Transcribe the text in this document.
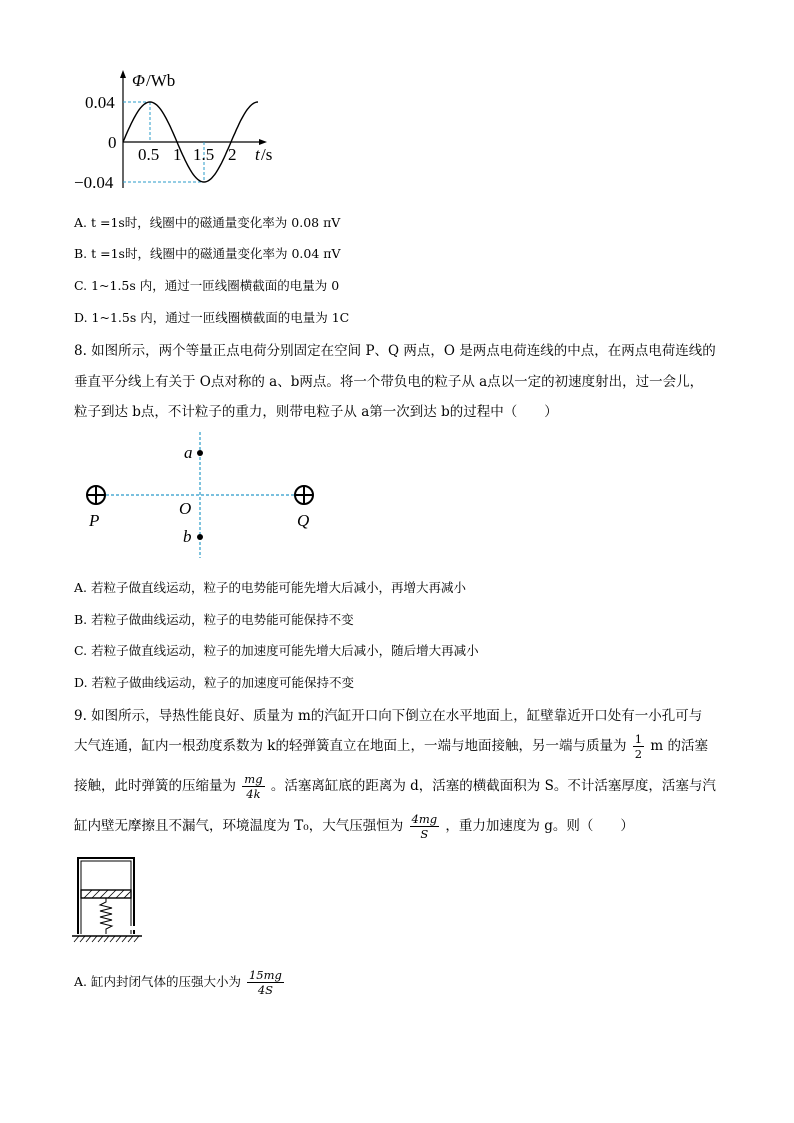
Φ /Wb
0.04
0
−0.04
0.5 1 1.5 2 t /s
A. t =1s时，线圈中的磁通量变化率为 0.08 πV
B. t =1s时，线圈中的磁通量变化率为 0.04 πV
C. 1~1.5s 内，通过一匝线圈横截面的电量为 0
D. 1~1.5s 内，通过一匝线圈横截面的电量为 1C
8. 如图所示，两个等量正点电荷分别固定在空间 P、Q 两点，O 是两点电荷连线的中点，在两点电荷连线的
垂直平分线上有关于 O点对称的 a、b两点。将一个带负电的粒子从 a点以一定的初速度射出，过一会儿，
粒子到达 b点，不计粒子的重力，则带电粒子从 a第一次到达 b的过程中（　　）
a
b
O
P	Q
A. 若粒子做直线运动，粒子的电势能可能先增大后减小，再增大再减小
B. 若粒子做曲线运动，粒子的电势能可能保持不变
C. 若粒子做直线运动，粒子的加速度可能先增大后减小，随后增大再减小
D. 若粒子做曲线运动，粒子的加速度可能保持不变
9. 如图所示，导热性能良好、质量为 m的汽缸开口向下倒立在水平地面上，缸壁靠近开口处有一小孔可与
大气连通，缸内一根劲度系数为 k的轻弹簧直立在地面上，一端与地面接触，另一端与质量为 $\frac{1}{2}$ m 的活塞
接触，此时弹簧的压缩量为 $\frac{mg}{4k}$ 。活塞离缸底的距离为 d，活塞的横截面积为 S。不计活塞厚度，活塞与汽
缸内壁无摩擦且不漏气，环境温度为 T₀，大气压强恒为 $\frac{4mg}{S}$ ，重力加速度为 g。则（　　）
A. 缸内封闭气体的压强大小为 $\frac{15mg}{4S}$
